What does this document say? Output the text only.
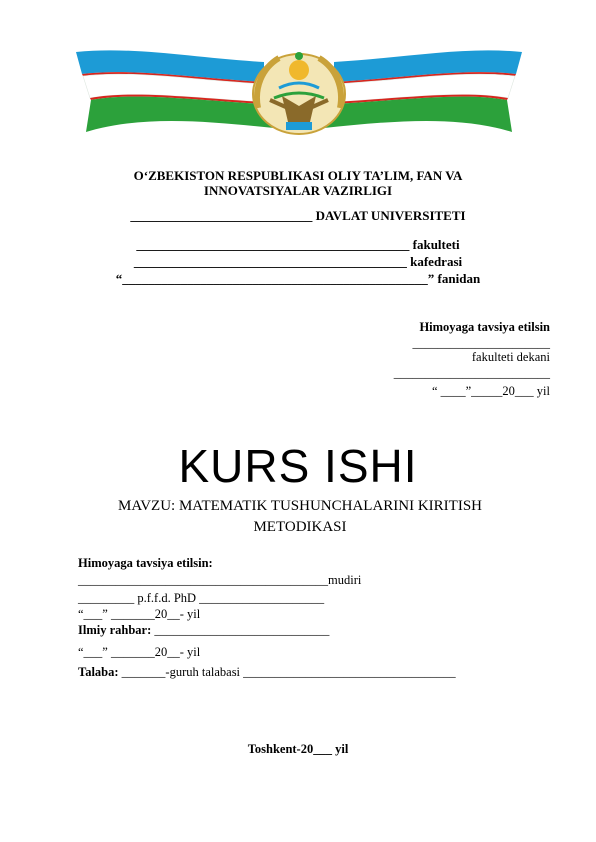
O‘ZBEKISTON RESPUBLIKASI OLIY TA’LIM, FAN VA
INNOVATSIYALAR VAZIRLIGI
____________________________ DAVLAT UNIVERSITETI
__________________________________________ fakulteti
__________________________________________ kafedrasi
“_______________________________________________” fanidan
Himoyaga tavsiya etilsin
______________________
fakulteti dekani
_________________________
“ ____”_____20___ yil
KURS ISHI
MAVZU: MATEMATIK TUSHUNCHALARINI KIRITISH
METODIKASI
Himoyaga tavsiya etilsin:
________________________________________mudiri
_________ p.f.f.d. PhD ____________________
“___” _______20__- yil
Ilmiy rahbar: ____________________________
“___” _______20__- yil
Talaba: _______-guruh talabasi __________________________________
Toshkent-20___ yil
